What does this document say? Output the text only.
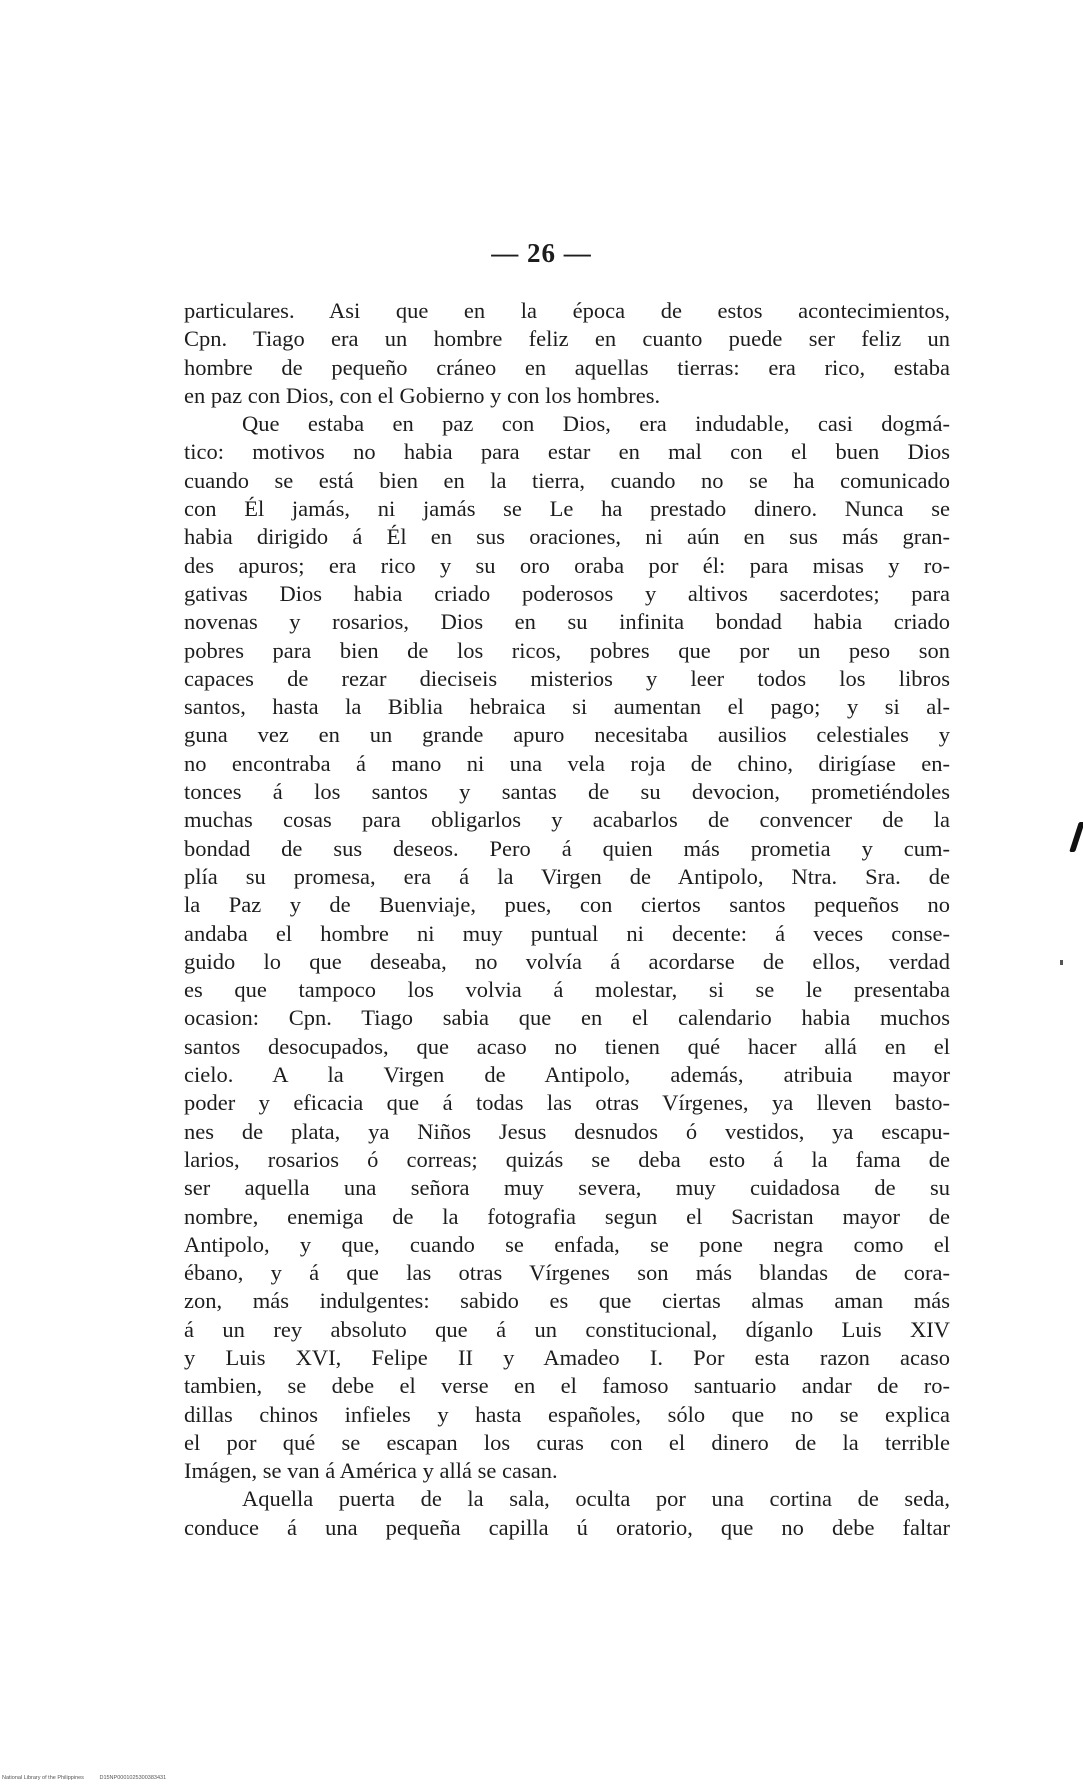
— 26 —
particulares. Asi que en la época de estos acontecimientos,
Cpn. Tiago era un hombre feliz en cuanto puede ser feliz un
hombre de pequeño cráneo en aquellas tierras: era rico, estaba
en paz con Dios, con el Gobierno y con los hombres.
Que estaba en paz con Dios, era indudable, casi dogmá-
tico: motivos no habia para estar en mal con el buen Dios
cuando se está bien en la tierra, cuando no se ha comunicado
con Él jamás, ni jamás se Le ha prestado dinero. Nunca se
habia dirigido á Él en sus oraciones, ni aún en sus más gran-
des apuros; era rico y su oro oraba por él: para misas y ro-
gativas Dios habia criado poderosos y altivos sacerdotes; para
novenas y rosarios, Dios en su infinita bondad habia criado
pobres para bien de los ricos, pobres que por un peso son
capaces de rezar dieciseis misterios y leer todos los libros
santos, hasta la Biblia hebraica si aumentan el pago; y si al-
guna vez en un grande apuro necesitaba ausilios celestiales y
no encontraba á mano ni una vela roja de chino, dirigíase en-
tonces á los santos y santas de su devocion, prometiéndoles
muchas cosas para obligarlos y acabarlos de convencer de la
bondad de sus deseos. Pero á quien más prometia y cum-
plía su promesa, era á la Virgen de Antipolo, Ntra. Sra. de
la Paz y de Buenviaje, pues, con ciertos santos pequeños no
andaba el hombre ni muy puntual ni decente: á veces conse-
guido lo que deseaba, no volvía á acordarse de ellos, verdad
es que tampoco los volvia á molestar, si se le presentaba
ocasion: Cpn. Tiago sabia que en el calendario habia muchos
santos desocupados, que acaso no tienen qué hacer allá en el
cielo. A la Virgen de Antipolo, además, atribuia mayor
poder y eficacia que á todas las otras Vírgenes, ya lleven basto-
nes de plata, ya Niños Jesus desnudos ó vestidos, ya escapu-
larios, rosarios ó correas; quizás se deba esto á la fama de
ser aquella una señora muy severa, muy cuidadosa de su
nombre, enemiga de la fotografia segun el Sacristan mayor de
Antipolo, y que, cuando se enfada, se pone negra como el
ébano, y á que las otras Vírgenes son más blandas de cora-
zon, más indulgentes: sabido es que ciertas almas aman más
á un rey absoluto que á un constitucional, díganlo Luis XIV
y Luis XVI, Felipe II y Amadeo I. Por esta razon acaso
tambien, se debe el verse en el famoso santuario andar de ro-
dillas chinos infieles y hasta españoles, sólo que no se explica
el por qué se escapan los curas con el dinero de la terrible
Imágen, se van á América y allá se casan.
Aquella puerta de la sala, oculta por una cortina de seda,
conduce á una pequeña capilla ú oratorio, que no debe faltar
National Library of the Philippines	D15NP0001025300383431
